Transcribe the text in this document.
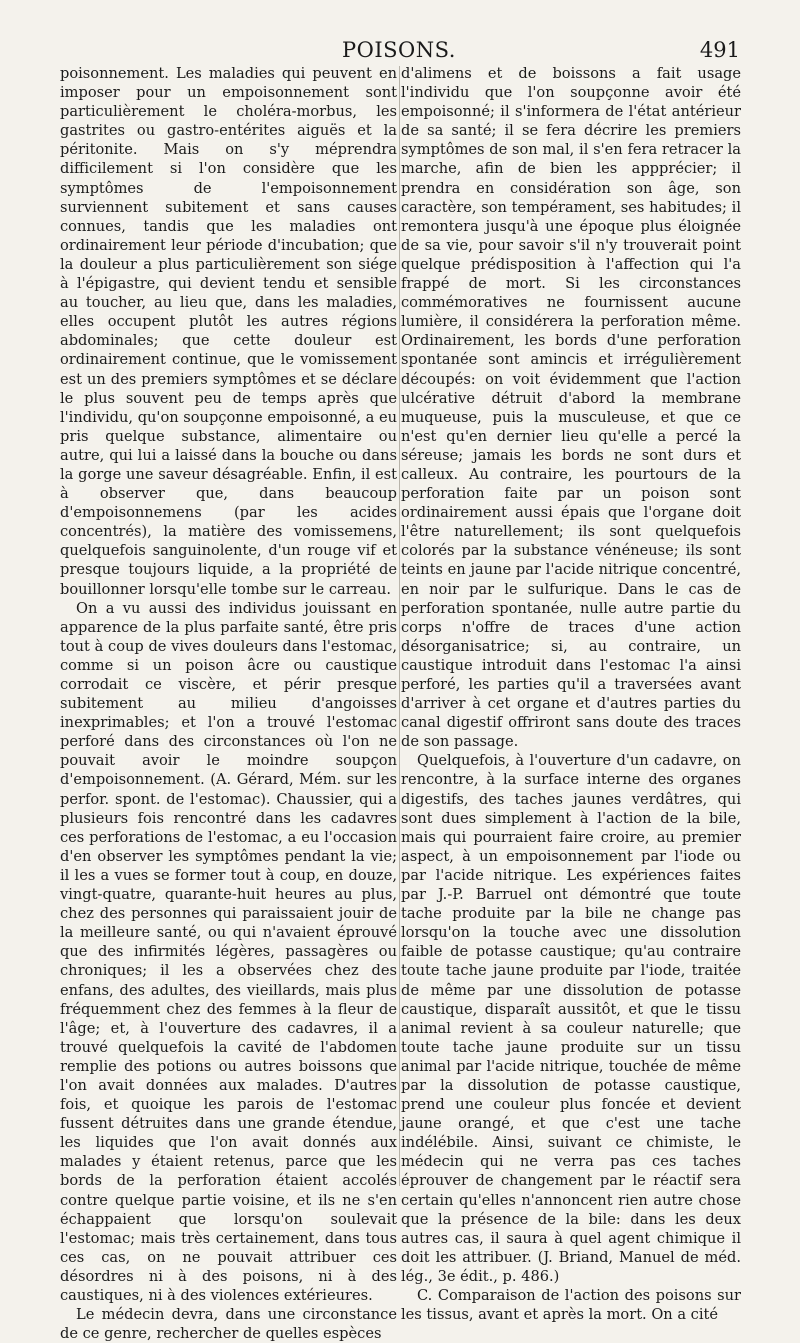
POISONS.	491

poisonnement. Les maladies qui peuvent en imposer pour un empoisonnement sont particulièrement le choléra-morbus, les gastrites ou gastro-entérites aiguës et la péritonite. Mais on s'y méprendra difficilement si l'on considère que les symptômes de l'empoisonnement surviennent subitement et sans causes connues, tandis que les maladies ont ordinairement leur période d'incubation; que la douleur a plus particulièrement son siége à l'épigastre, qui devient tendu et sensible au toucher, au lieu que, dans les maladies, elles occupent plutôt les autres régions abdominales; que cette douleur est ordinairement continue, que le vomissement est un des premiers symptômes et se déclare le plus souvent peu de temps après que l'individu, qu'on soupçonne empoisonné, a eu pris quelque substance, alimentaire ou autre, qui lui a laissé dans la bouche ou dans la gorge une saveur désagréable. Enfin, il est à observer que, dans beaucoup d'empoisonnemens (par les acides concentrés), la matière des vomissemens, quelquefois sanguinolente, d'un rouge vif et presque toujours liquide, a la propriété de bouillonner lorsqu'elle tombe sur le carreau.

On a vu aussi des individus jouissant en apparence de la plus parfaite santé, être pris tout à coup de vives douleurs dans l'estomac, comme si un poison âcre ou caustique corrodait ce viscère, et périr presque subitement au milieu d'angoisses inexprimables; et l'on a trouvé l'estomac perforé dans des circonstances où l'on ne pouvait avoir le moindre soupçon d'empoisonnement. (A. Gérard, Mém. sur les perfor. spont. de l'estomac). Chaussier, qui a plusieurs fois rencontré dans les cadavres ces perforations de l'estomac, a eu l'occasion d'en observer les symptômes pendant la vie; il les a vues se former tout à coup, en douze, vingt-quatre, quarante-huit heures au plus, chez des personnes qui paraissaient jouir de la meilleure santé, ou qui n'avaient éprouvé que des infirmités légères, passagères ou chroniques; il les a observées chez des enfans, des adultes, des vieillards, mais plus fréquemment chez des femmes à la fleur de l'âge; et, à l'ouverture des cadavres, il a trouvé quelquefois la cavité de l'abdomen remplie des potions ou autres boissons que l'on avait données aux malades. D'autres fois, et quoique les parois de l'estomac fussent détruites dans une grande étendue, les liquides que l'on avait donnés aux malades y étaient retenus, parce que les bords de la perforation étaient accolés contre quelque partie voisine, et ils ne s'en échappaient que lorsqu'on soulevait l'estomac; mais très certainement, dans tous ces cas, on ne pouvait attribuer ces désordres ni à des poisons, ni à des caustiques, ni à des violences extérieures.

Le médecin devra, dans une circonstance de ce genre, rechercher de quelles espèces

d'alimens et de boissons a fait usage l'individu que l'on soupçonne avoir été empoisonné; il s'informera de l'état antérieur de sa santé; il se fera décrire les premiers symptômes de son mal, il s'en fera retracer la marche, afin de bien les appprécier; il prendra en considération son âge, son caractère, son tempérament, ses habitudes; il remontera jusqu'à une époque plus éloignée de sa vie, pour savoir s'il n'y trouverait point quelque prédisposition à l'affection qui l'a frappé de mort. Si les circonstances commémoratives ne fournissent aucune lumière, il considérera la perforation même. Ordinairement, les bords d'une perforation spontanée sont amincis et irrégulièrement découpés: on voit évidemment que l'action ulcérative détruit d'abord la membrane muqueuse, puis la musculeuse, et que ce n'est qu'en dernier lieu qu'elle a percé la séreuse; jamais les bords ne sont durs et calleux. Au contraire, les pourtours de la perforation faite par un poison sont ordinairement aussi épais que l'organe doit l'être naturellement; ils sont quelquefois colorés par la substance vénéneuse; ils sont teints en jaune par l'acide nitrique concentré, en noir par le sulfurique. Dans le cas de perforation spontanée, nulle autre partie du corps n'offre de traces d'une action désorganisatrice; si, au contraire, un caustique introduit dans l'estomac l'a ainsi perforé, les parties qu'il a traversées avant d'arriver à cet organe et d'autres parties du canal digestif offriront sans doute des traces de son passage.

Quelquefois, à l'ouverture d'un cadavre, on rencontre, à la surface interne des organes digestifs, des taches jaunes verdâtres, qui sont dues simplement à l'action de la bile, mais qui pourraient faire croire, au premier aspect, à un empoisonnement par l'iode ou par l'acide nitrique. Les expériences faites par J.-P. Barruel ont démontré que toute tache produite par la bile ne change pas lorsqu'on la touche avec une dissolution faible de potasse caustique; qu'au contraire toute tache jaune produite par l'iode, traitée de même par une dissolution de potasse caustique, disparaît aussitôt, et que le tissu animal revient à sa couleur naturelle; que toute tache jaune produite sur un tissu animal par l'acide nitrique, touchée de même par la dissolution de potasse caustique, prend une couleur plus foncée et devient jaune orangé, et que c'est une tache indélébile. Ainsi, suivant ce chimiste, le médecin qui ne verra pas ces taches éprouver de changement par le réactif sera certain qu'elles n'annoncent rien autre chose que la présence de la bile: dans les deux autres cas, il saura à quel agent chimique il doit les attribuer. (J. Briand, Manuel de méd. lég., 3e édit., p. 486.)

C. Comparaison de l'action des poisons sur les tissus, avant et après la mort. On a cité
